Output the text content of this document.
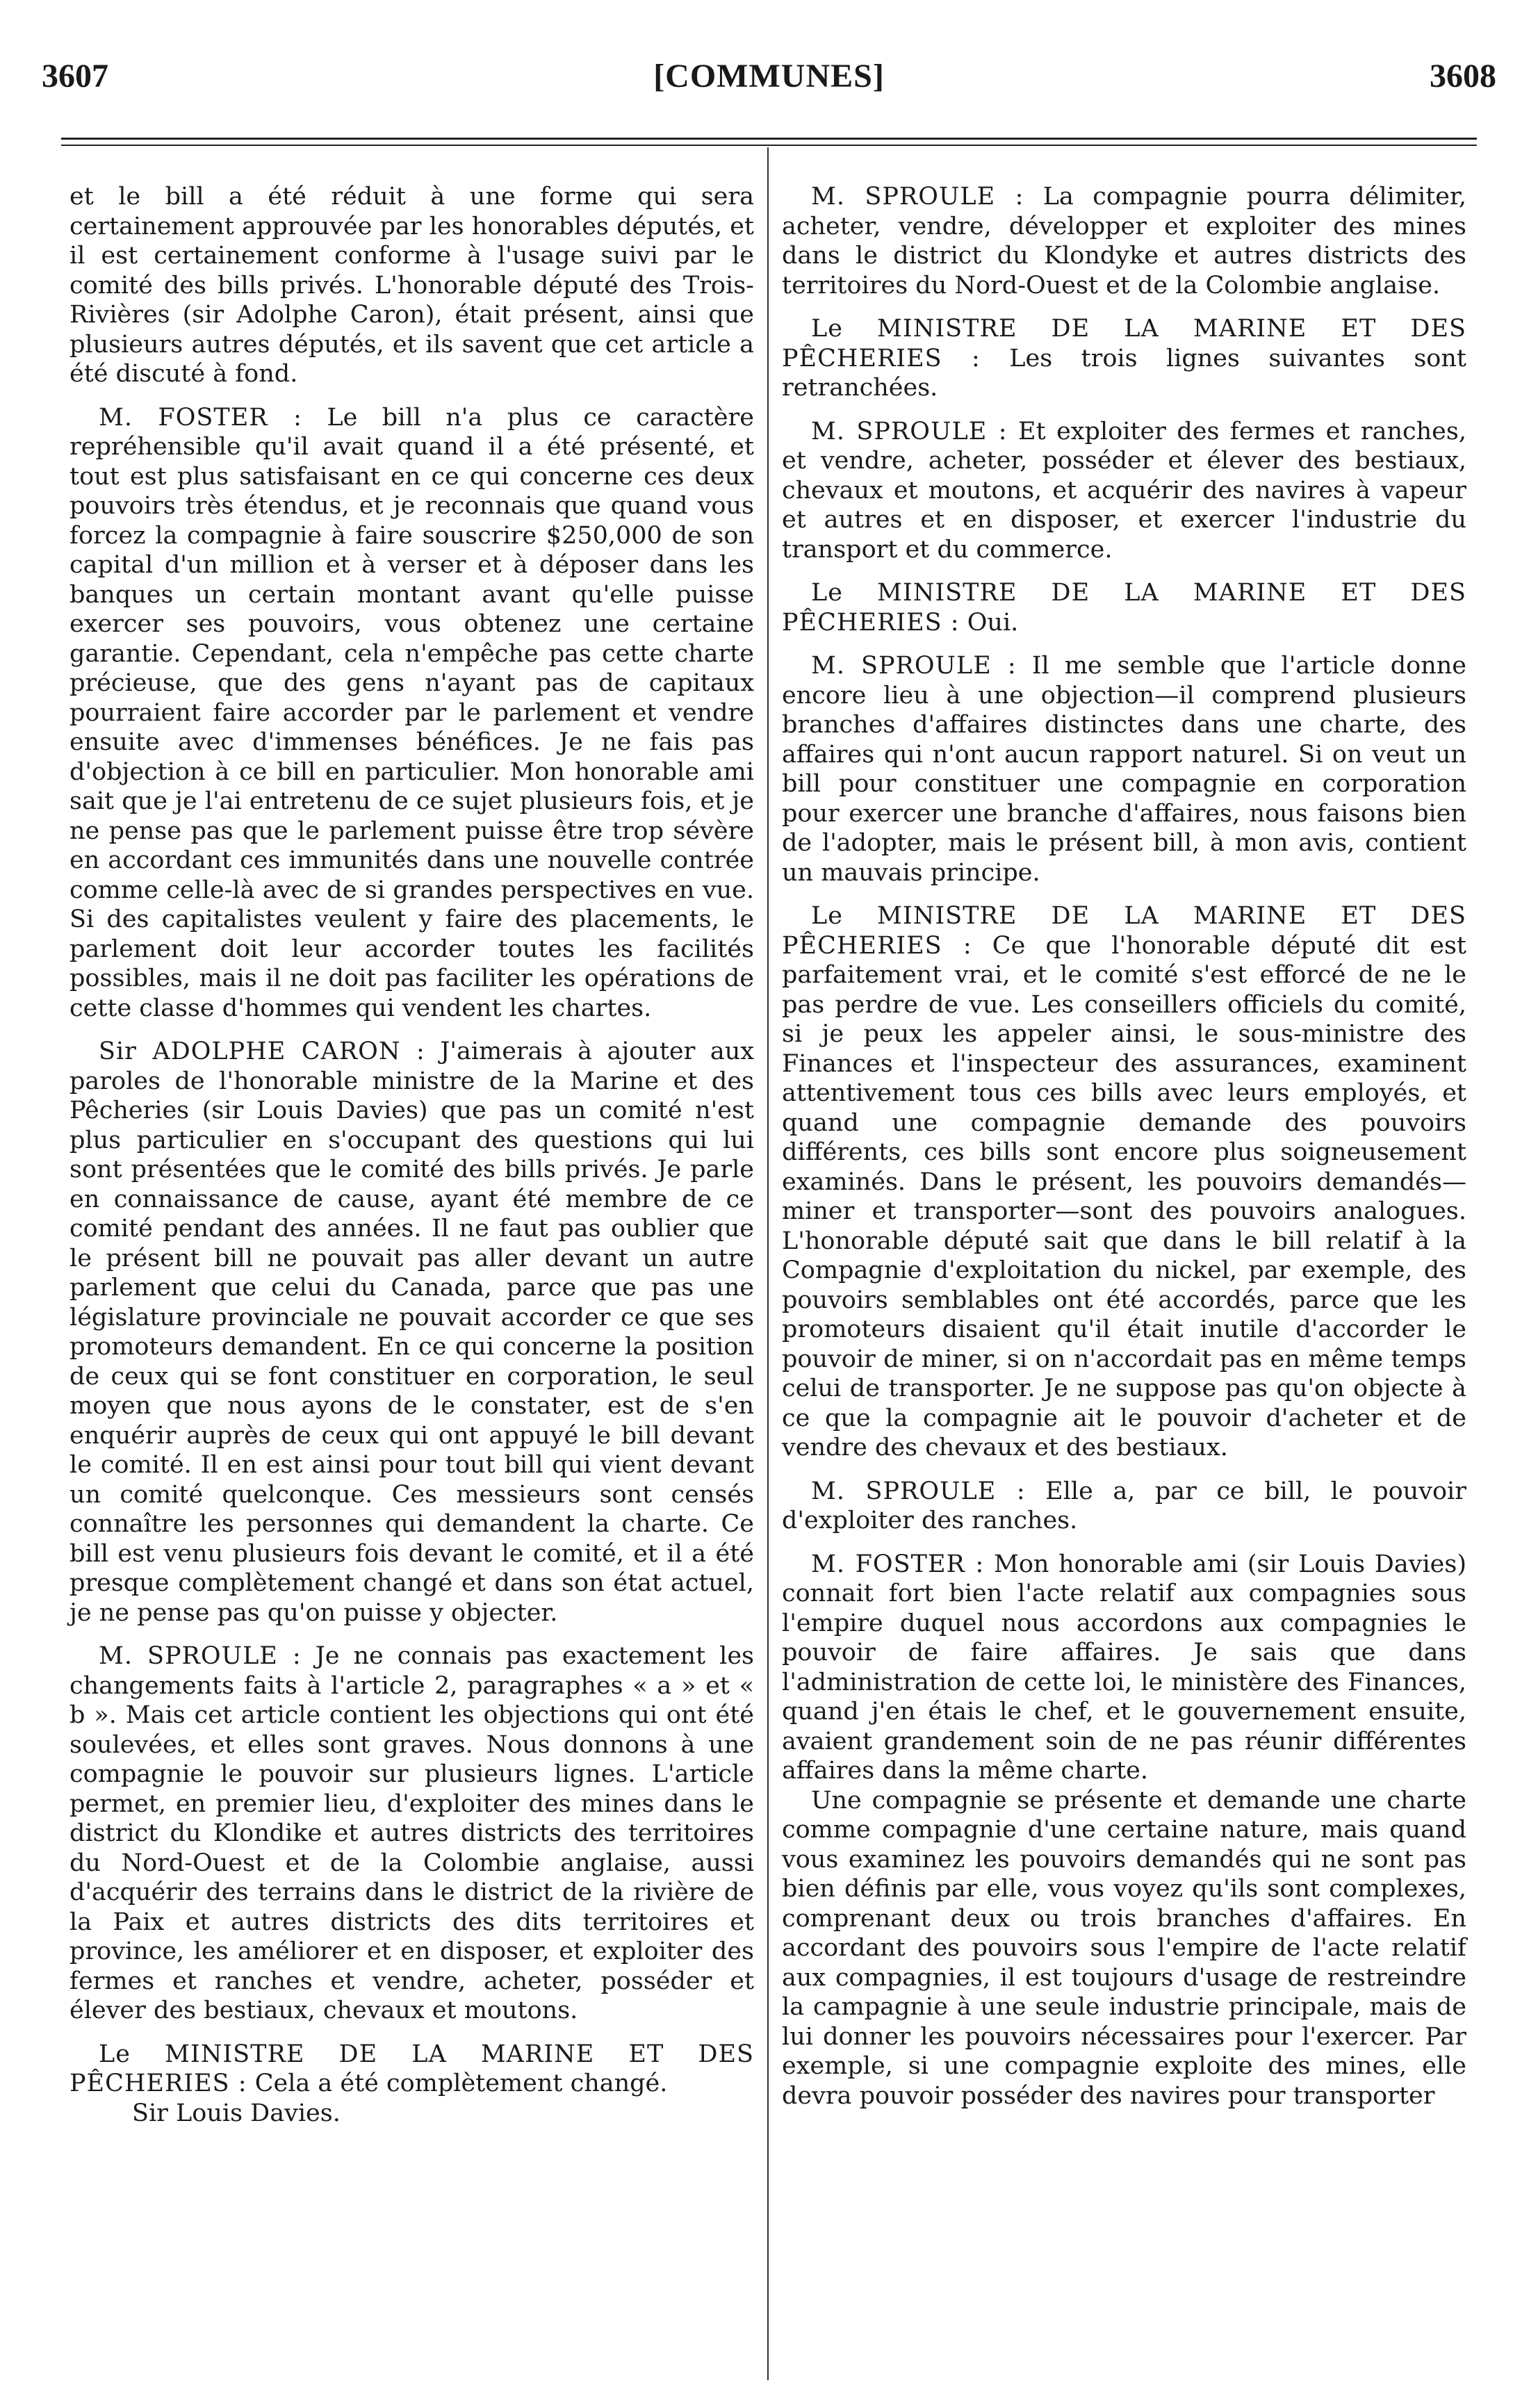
3607	[COMMUNES]	3608

et le bill a été réduit à une forme qui sera certainement approuvée par les honorables députés, et il est certainement conforme à l'usage suivi par le comité des bills privés. L'honorable député des Trois-Rivières (sir Adolphe Caron), était présent, ainsi que plusieurs autres députés, et ils savent que cet article a été discuté à fond.

M. FOSTER : Le bill n'a plus ce caractère repréhensible qu'il avait quand il a été présenté, et tout est plus satisfaisant en ce qui concerne ces deux pouvoirs très étendus, et je reconnais que quand vous forcez la compagnie à faire souscrire $250,000 de son capital d'un million et à verser et à déposer dans les banques un certain montant avant qu'elle puisse exercer ses pouvoirs, vous obtenez une certaine garantie. Cependant, cela n'empêche pas cette charte précieuse, que des gens n'ayant pas de capitaux pourraient faire accorder par le parlement et vendre ensuite avec d'immenses bénéfices. Je ne fais pas d'objection à ce bill en particulier. Mon honorable ami sait que je l'ai entretenu de ce sujet plusieurs fois, et je ne pense pas que le parlement puisse être trop sévère en accordant ces immunités dans une nouvelle contrée comme celle-là avec de si grandes perspectives en vue. Si des capitalistes veulent y faire des placements, le parlement doit leur accorder toutes les facilités possibles, mais il ne doit pas faciliter les opérations de cette classe d'hommes qui vendent les chartes.

Sir ADOLPHE CARON : J'aimerais à ajouter aux paroles de l'honorable ministre de la Marine et des Pêcheries (sir Louis Davies) que pas un comité n'est plus particulier en s'occupant des questions qui lui sont présentées que le comité des bills privés. Je parle en connaissance de cause, ayant été membre de ce comité pendant des années. Il ne faut pas oublier que le présent bill ne pouvait pas aller devant un autre parlement que celui du Canada, parce que pas une législature provinciale ne pouvait accorder ce que ses promoteurs demandent. En ce qui concerne la position de ceux qui se font constituer en corporation, le seul moyen que nous ayons de le constater, est de s'en enquérir auprès de ceux qui ont appuyé le bill devant le comité. Il en est ainsi pour tout bill qui vient devant un comité quelconque. Ces messieurs sont censés connaître les personnes qui demandent la charte. Ce bill est venu plusieurs fois devant le comité, et il a été presque complètement changé et dans son état actuel, je ne pense pas qu'on puisse y objecter.

M. SPROULE : Je ne connais pas exactement les changements faits à l'article 2, paragraphes « a » et « b ». Mais cet article contient les objections qui ont été soulevées, et elles sont graves. Nous donnons à une compagnie le pouvoir sur plusieurs lignes. L'article permet, en premier lieu, d'exploiter des mines dans le district du Klondike et autres districts des territoires du Nord-Ouest et de la Colombie anglaise, aussi d'acquérir des terrains dans le district de la rivière de la Paix et autres districts des dits territoires et province, les améliorer et en disposer, et exploiter des fermes et ranches et vendre, acheter, posséder et élever des bestiaux, chevaux et moutons.

Le MINISTRE DE LA MARINE ET DES PÊCHERIES : Cela a été complètement changé.

Sir Louis Davies.

M. SPROULE : La compagnie pourra délimiter, acheter, vendre, développer et exploiter des mines dans le district du Klondyke et autres districts des territoires du Nord-Ouest et de la Colombie anglaise.

Le MINISTRE DE LA MARINE ET DES PÊCHERIES : Les trois lignes suivantes sont retranchées.

M. SPROULE : Et exploiter des fermes et ranches, et vendre, acheter, posséder et élever des bestiaux, chevaux et moutons, et acquérir des navires à vapeur et autres et en disposer, et exercer l'industrie du transport et du commerce.

Le MINISTRE DE LA MARINE ET DES PÊCHERIES : Oui.

M. SPROULE : Il me semble que l'article donne encore lieu à une objection—il comprend plusieurs branches d'affaires distinctes dans une charte, des affaires qui n'ont aucun rapport naturel. Si on veut un bill pour constituer une compagnie en corporation pour exercer une branche d'affaires, nous faisons bien de l'adopter, mais le présent bill, à mon avis, contient un mauvais principe.

Le MINISTRE DE LA MARINE ET DES PÊCHERIES : Ce que l'honorable député dit est parfaitement vrai, et le comité s'est efforcé de ne le pas perdre de vue. Les conseillers officiels du comité, si je peux les appeler ainsi, le sous-ministre des Finances et l'inspecteur des assurances, examinent attentivement tous ces bills avec leurs employés, et quand une compagnie demande des pouvoirs différents, ces bills sont encore plus soigneusement examinés. Dans le présent, les pouvoirs demandés—miner et transporter—sont des pouvoirs analogues. L'honorable député sait que dans le bill relatif à la Compagnie d'exploitation du nickel, par exemple, des pouvoirs semblables ont été accordés, parce que les promoteurs disaient qu'il était inutile d'accorder le pouvoir de miner, si on n'accordait pas en même temps celui de transporter. Je ne suppose pas qu'on objecte à ce que la compagnie ait le pouvoir d'acheter et de vendre des chevaux et des bestiaux.

M. SPROULE : Elle a, par ce bill, le pouvoir d'exploiter des ranches.

M. FOSTER : Mon honorable ami (sir Louis Davies) connait fort bien l'acte relatif aux compagnies sous l'empire duquel nous accordons aux compagnies le pouvoir de faire affaires. Je sais que dans l'administration de cette loi, le ministère des Finances, quand j'en étais le chef, et le gouvernement ensuite, avaient grandement soin de ne pas réunir différentes affaires dans la même charte.

Une compagnie se présente et demande une charte comme compagnie d'une certaine nature, mais quand vous examinez les pouvoirs demandés qui ne sont pas bien définis par elle, vous voyez qu'ils sont complexes, comprenant deux ou trois branches d'affaires. En accordant des pouvoirs sous l'empire de l'acte relatif aux compagnies, il est toujours d'usage de restreindre la campagnie à une seule industrie principale, mais de lui donner les pouvoirs nécessaires pour l'exercer. Par exemple, si une compagnie exploite des mines, elle devra pouvoir posséder des navires pour transporter
